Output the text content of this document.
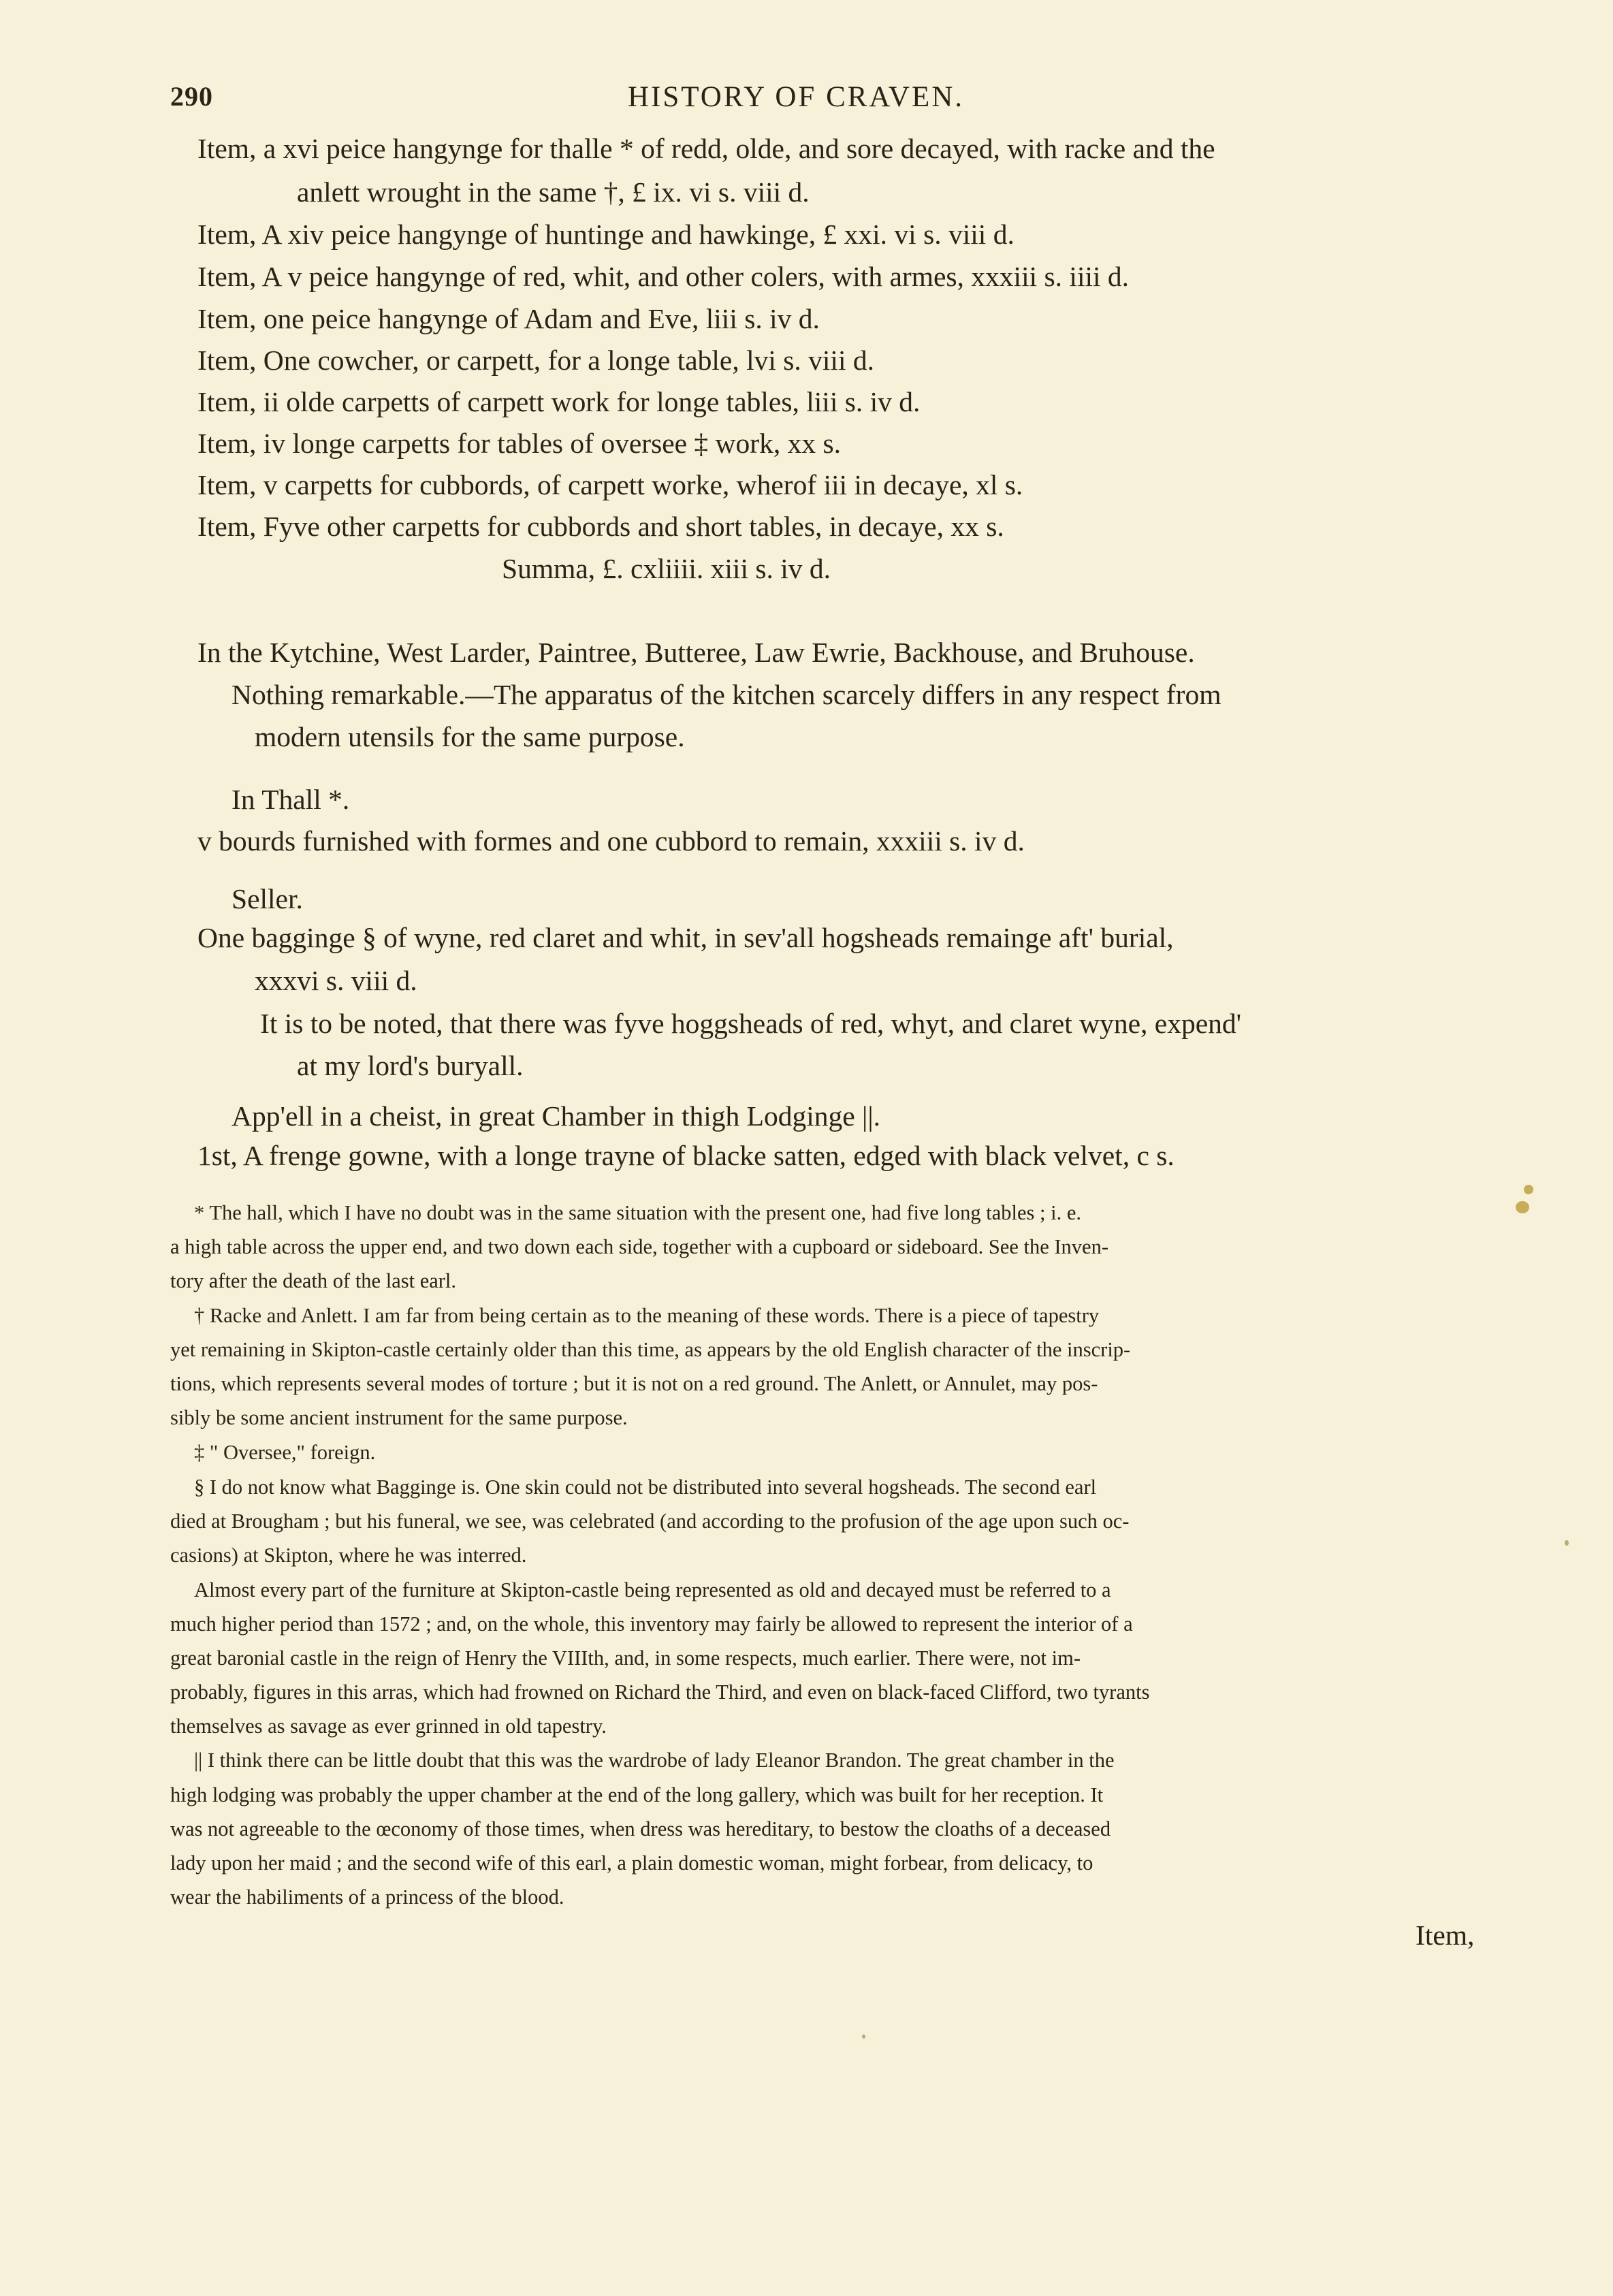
290	HISTORY OF CRAVEN.
Item, a xvi peice hangynge for thalle * of redd, olde, and sore decayed, with racke and the
anlett wrought in the same †, £ ix. vi s. viii d.
Item, A xiv peice hangynge of huntinge and hawkinge, £ xxi. vi s. viii d.
Item, A v peice hangynge of red, whit, and other colers, with armes, xxxiii s. iiii d.
Item, one peice hangynge of Adam and Eve, liii s. iv d.
Item, One cowcher, or carpett, for a longe table, lvi s. viii d.
Item, ii olde carpetts of carpett work for longe tables, liii s. iv d.
Item, iv longe carpetts for tables of oversee ‡ work, xx s.
Item, v carpetts for cubbords, of carpett worke, wherof iii in decaye, xl s.
Item, Fyve other carpetts for cubbords and short tables, in decaye, xx s.
Summa, £. cxliiii. xiii s. iv d.
In the Kytchine, West Larder, Paintree, Butteree, Law Ewrie, Backhouse, and Bruhouse.
Nothing remarkable.—The apparatus of the kitchen scarcely differs in any respect from
modern utensils for the same purpose.
In Thall *.
v bourds furnished with formes and one cubbord to remain, xxxiii s. iv d.
Seller.
One bagginge § of wyne, red claret and whit, in sev'all hogsheads remainge aft' burial,
xxxvi s. viii d.
It is to be noted, that there was fyve hoggsheads of red, whyt, and claret wyne, expend'
at my lord's buryall.
App'ell in a cheist, in great Chamber in thigh Lodginge ||.
1st, A frenge gowne, with a longe trayne of blacke satten, edged with black velvet, c s.
* The hall, which I have no doubt was in the same situation with the present one, had five long tables ; i. e.
a high table across the upper end, and two down each side, together with a cupboard or sideboard. See the Inven-
tory after the death of the last earl.
† Racke and Anlett. I am far from being certain as to the meaning of these words. There is a piece of tapestry
yet remaining in Skipton-castle certainly older than this time, as appears by the old English character of the inscrip-
tions, which represents several modes of torture ; but it is not on a red ground. The Anlett, or Annulet, may pos-
sibly be some ancient instrument for the same purpose.
‡ " Oversee," foreign.
§ I do not know what Bagginge is. One skin could not be distributed into several hogsheads. The second earl
died at Brougham ; but his funeral, we see, was celebrated (and according to the profusion of the age upon such oc-
casions) at Skipton, where he was interred.
Almost every part of the furniture at Skipton-castle being represented as old and decayed must be referred to a
much higher period than 1572 ; and, on the whole, this inventory may fairly be allowed to represent the interior of a
great baronial castle in the reign of Henry the VIIIth, and, in some respects, much earlier. There were, not im-
probably, figures in this arras, which had frowned on Richard the Third, and even on black-faced Clifford, two tyrants
themselves as savage as ever grinned in old tapestry.
|| I think there can be little doubt that this was the wardrobe of lady Eleanor Brandon. The great chamber in the
high lodging was probably the upper chamber at the end of the long gallery, which was built for her reception. It
was not agreeable to the œconomy of those times, when dress was hereditary, to bestow the cloaths of a deceased
lady upon her maid ; and the second wife of this earl, a plain domestic woman, might forbear, from delicacy, to
wear the habiliments of a princess of the blood.
Item,
